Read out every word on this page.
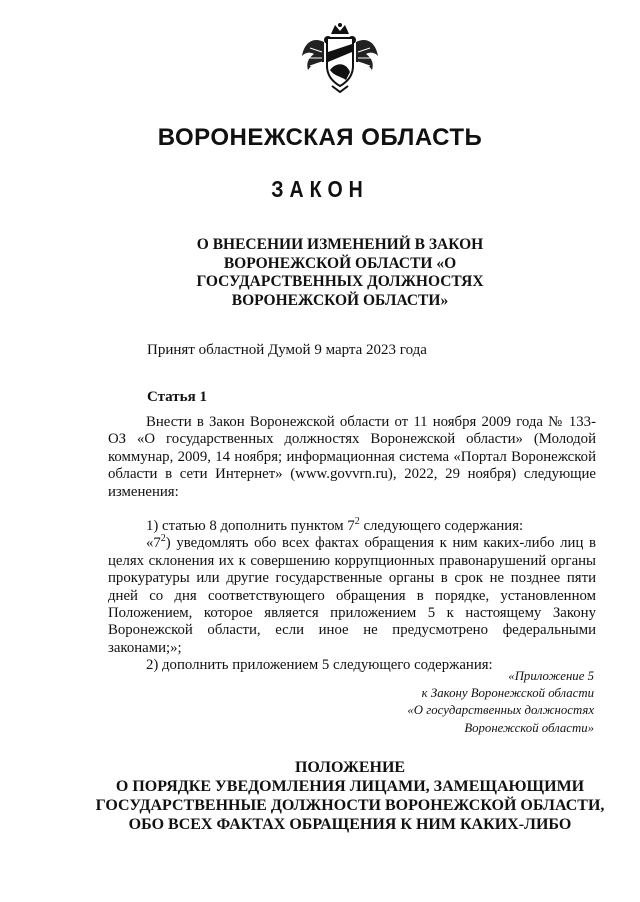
ВОРОНЕЖСКАЯ ОБЛАСТЬ
ЗАКОН
О ВНЕСЕНИИ ИЗМЕНЕНИЙ В ЗАКОН
ВОРОНЕЖСКОЙ ОБЛАСТИ «О
ГОСУДАРСТВЕННЫХ ДОЛЖНОСТЯХ
ВОРОНЕЖСКОЙ ОБЛАСТИ»
Принят областной Думой 9 марта 2023 года
Статья 1

Внести в Закон Воронежской области от 11 ноября 2009 года № 133-ОЗ «О государственных должностях Воронежской области» (Молодой коммунар, 2009, 14 ноября; информационная система «Портал Воронежской области в сети Интернет» (www.govvrn.ru), 2022, 29 ноября) следующие изменения:

1) статью 8 дополнить пунктом $7^2$ следующего содержания:

«$7^2$) уведомлять обо всех фактах обращения к ним каких-либо лиц в целях склонения их к совершению коррупционных правонарушений органы прокуратуры или другие государственные органы в срок не позднее пяти дней со дня соответствующего обращения в порядке, установленном Положением, которое является приложением 5 к настоящему Закону Воронежской области, если иное не предусмотрено федеральными законами;»;

2) дополнить приложением 5 следующего содержания:

«Приложение 5
к Закону Воронежской области
«О государственных должностях
Воронежской области»
ПОЛОЖЕНИЕ
О ПОРЯДКЕ УВЕДОМЛЕНИЯ ЛИЦАМИ, ЗАМЕЩАЮЩИМИ
ГОСУДАРСТВЕННЫЕ ДОЛЖНОСТИ ВОРОНЕЖСКОЙ ОБЛАСТИ,
ОБО ВСЕХ ФАКТАХ ОБРАЩЕНИЯ К НИМ КАКИХ-ЛИБО
